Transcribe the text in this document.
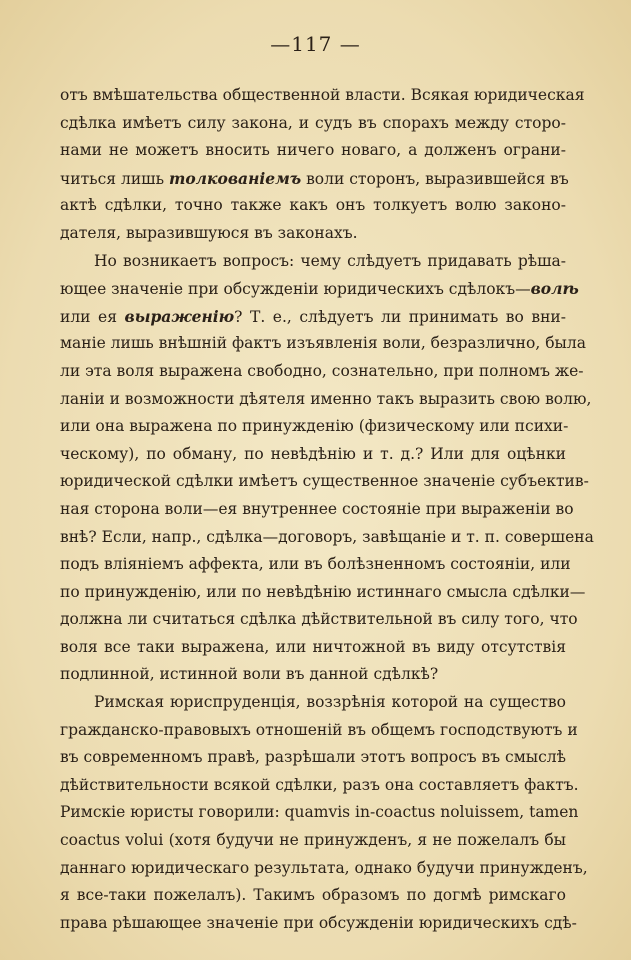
—117 —
отъ вмѣшательства общественной власти. Всякая юридическая
сдѣлка имѣетъ силу закона, и судъ въ спорахъ между сторо-
нами не можетъ вносить ничего новаго, а долженъ ограни-
читься лишь толкованіемъ воли сторонъ, выразившейся въ
актѣ сдѣлки, точно также какъ онъ толкуетъ волю законо-
дателя, выразившуюся въ законахъ.
Но возникаетъ вопросъ: чему слѣдуетъ придавать рѣша-
ющее значеніе при обсужденіи юридическихъ сдѣлокъ—волѣ
или ея выраженію? Т. е., слѣдуетъ ли принимать во вни-
маніе лишь внѣшній фактъ изъявленія воли, безразлично, была
ли эта воля выражена свободно, сознательно, при полномъ же-
ланіи и возможности дѣятеля именно такъ выразить свою волю,
или она выражена по принужденію (физическому или психи-
ческому), по обману, по невѣдѣнію и т. д.? Или для оцѣнки
юридической сдѣлки имѣетъ существенное значеніе субъектив-
ная сторона воли—ея внутреннее состояніе при выраженіи во
внѣ? Если, напр., сдѣлка—договоръ, завѣщаніе и т. п. совершена
подъ вліяніемъ аффекта, или въ болѣзненномъ состояніи, или
по принужденію, или по невѣдѣнію истиннаго смысла сдѣлки—
должна ли считаться сдѣлка дѣйствительной въ силу того, что
воля все таки выражена, или ничтожной въ виду отсутствія
подлинной, истинной воли въ данной сдѣлкѣ?
Римская юриспруденція, воззрѣнія которой на существо
гражданско-правовыхъ отношеній въ общемъ господствуютъ и
въ современномъ правѣ, разрѣшали этотъ вопросъ въ смыслѣ
дѣйствительности всякой сдѣлки, разъ она составляетъ фактъ.
Римскіе юристы говорили: quamvis in-coactus noluissem, tamen
coactus volui (хотя будучи не принужденъ, я не пожелалъ бы
даннаго юридическаго результата, однако будучи принужденъ,
я все-таки пожелалъ). Такимъ образомъ по догмѣ римскаго
права рѣшающее значеніе при обсужденіи юридическихъ сдѣ-
